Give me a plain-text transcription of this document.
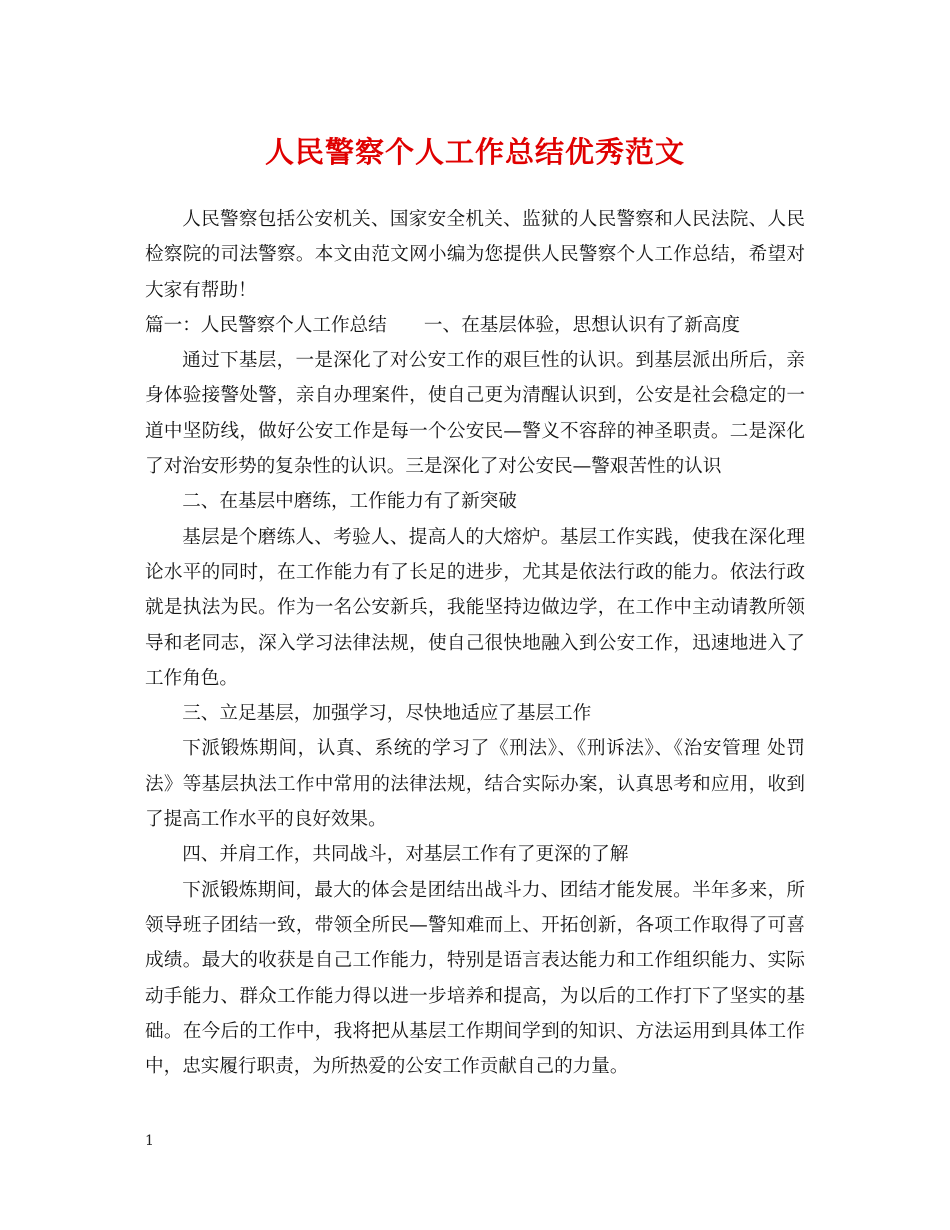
人民警察个人工作总结优秀范文

人民警察包括公安机关、国家安全机关、监狱的人民警察和人民法院、人民检察院的司法警察。本文由范文网小编为您提供人民警察个人工作总结，希望对大家有帮助！

篇一：人民警察个人工作总结　　一、在基层体验，思想认识有了新高度

通过下基层，一是深化了对公安工作的艰巨性的认识。到基层派出所后，亲身体验接警处警，亲自办理案件，使自己更为清醒认识到，公安是社会稳定的一道中坚防线，做好公安工作是每一个公安民—警义不容辞的神圣职责。二是深化了对治安形势的复杂性的认识。三是深化了对公安民—警艰苦性的认识

二、在基层中磨练，工作能力有了新突破

基层是个磨练人、考验人、提高人的大熔炉。基层工作实践，使我在深化理论水平的同时，在工作能力有了长足的进步，尤其是依法行政的能力。依法行政就是执法为民。作为一名公安新兵，我能坚持边做边学，在工作中主动请教所领导和老同志，深入学习法律法规，使自己很快地融入到公安工作，迅速地进入了工作角色。

三、立足基层，加强学习，尽快地适应了基层工作

下派锻炼期间，认真、系统的学习了《刑法》、《刑诉法》、《治安管理 处罚法》等基层执法工作中常用的法律法规，结合实际办案，认真思考和应用，收到了提高工作水平的良好效果。

四、并肩工作，共同战斗，对基层工作有了更深的了解

下派锻炼期间，最大的体会是团结出战斗力、团结才能发展。半年多来，所领导班子团结一致，带领全所民—警知难而上、开拓创新，各项工作取得了可喜成绩。最大的收获是自己工作能力，特别是语言表达能力和工作组织能力、实际动手能力、群众工作能力得以进一步培养和提高，为以后的工作打下了坚实的基础。在今后的工作中，我将把从基层工作期间学到的知识、方法运用到具体工作中，忠实履行职责，为所热爱的公安工作贡献自己的力量。

1
